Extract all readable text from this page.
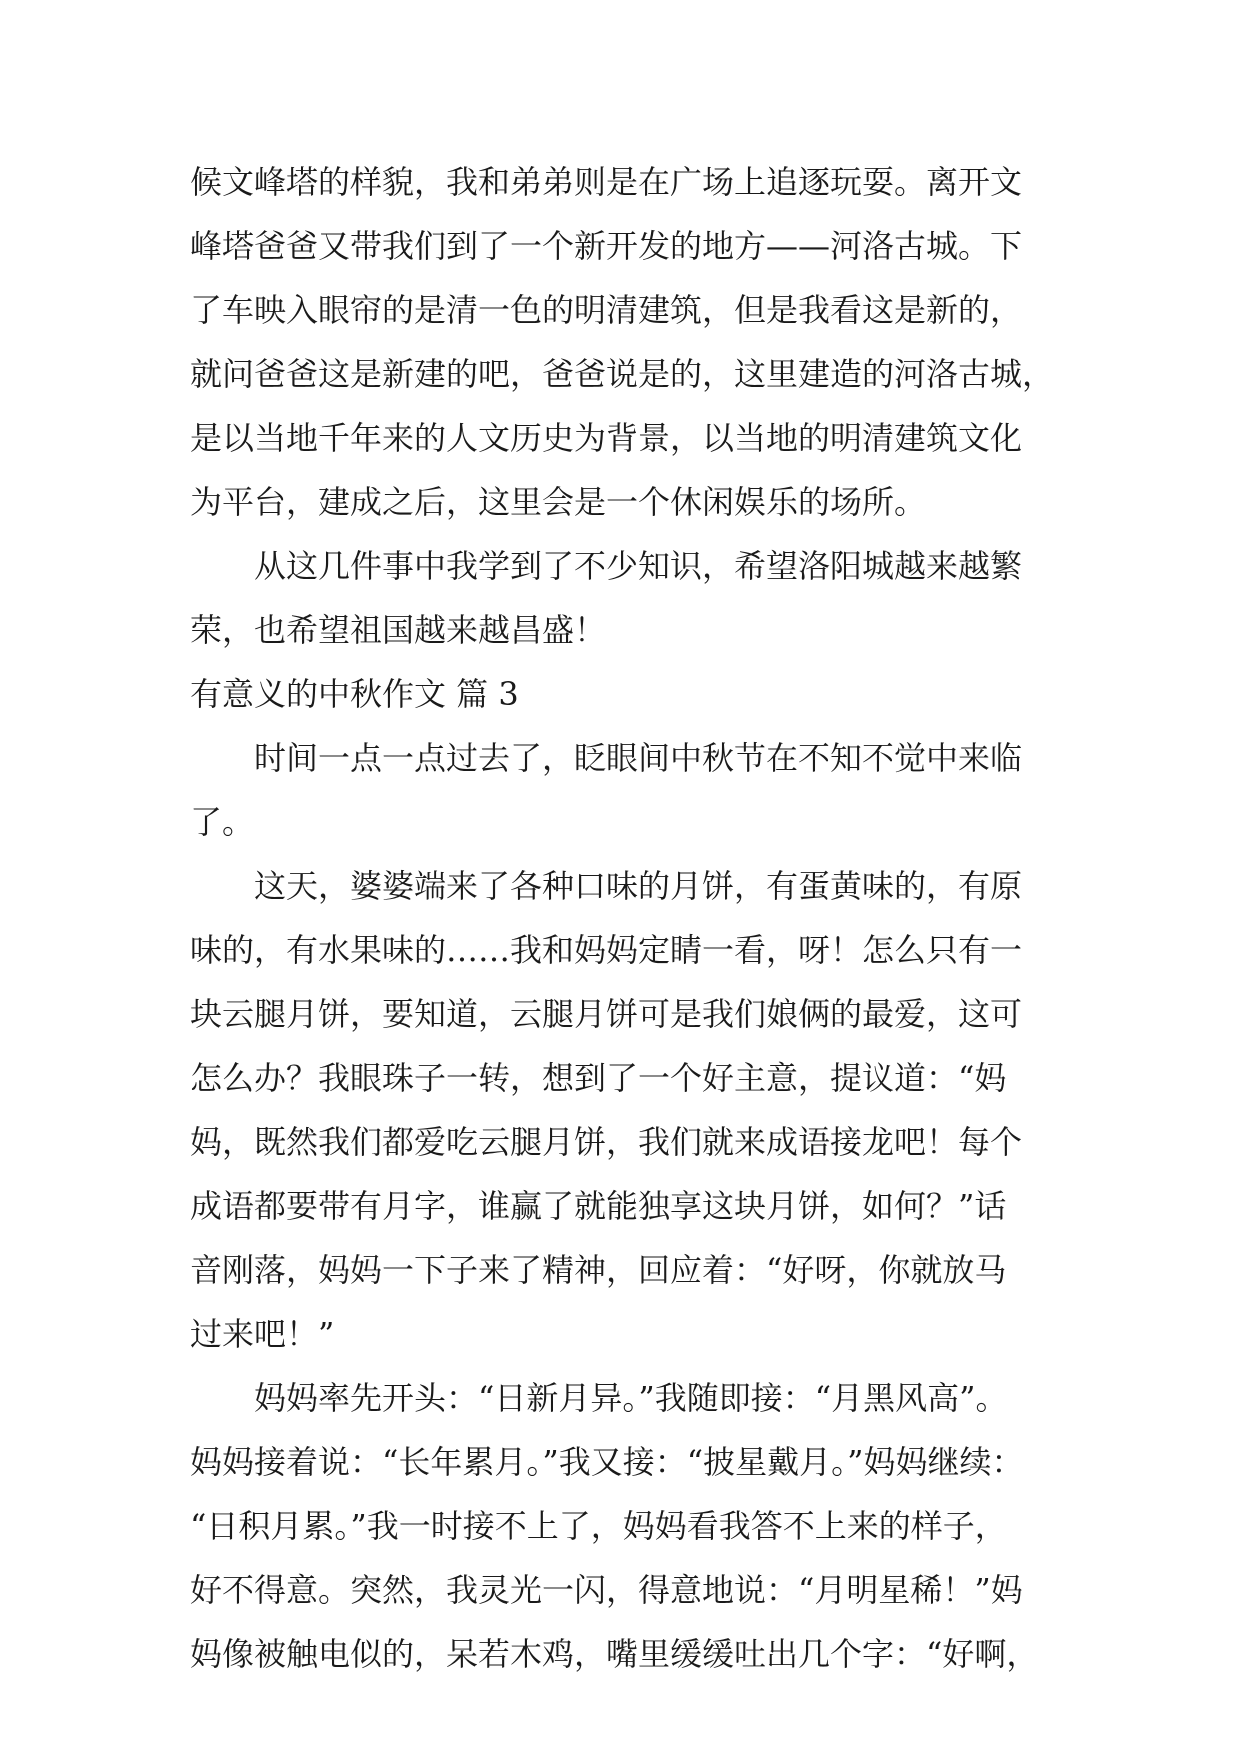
候文峰塔的样貌，我和弟弟则是在广场上追逐玩耍。离开文
峰塔爸爸又带我们到了一个新开发的地方——河洛古城。下
了车映入眼帘的是清一色的明清建筑，但是我看这是新的，
就问爸爸这是新建的吧，爸爸说是的，这里建造的河洛古城，
是以当地千年来的人文历史为背景，以当地的明清建筑文化
为平台，建成之后，这里会是一个休闲娱乐的场所。
从这几件事中我学到了不少知识，希望洛阳城越来越繁
荣，也希望祖国越来越昌盛！
有意义的中秋作文 篇 3
时间一点一点过去了，眨眼间中秋节在不知不觉中来临
了。
这天，婆婆端来了各种口味的月饼，有蛋黄味的，有原
味的，有水果味的……我和妈妈定睛一看，呀！怎么只有一
块云腿月饼，要知道，云腿月饼可是我们娘俩的最爱，这可
怎么办？我眼珠子一转，想到了一个好主意，提议道：“妈
妈，既然我们都爱吃云腿月饼，我们就来成语接龙吧！每个
成语都要带有月字，谁赢了就能独享这块月饼，如何？”话
音刚落，妈妈一下子来了精神，回应着：“好呀，你就放马
过来吧！”
妈妈率先开头：“日新月异。”我随即接：“月黑风高”。
妈妈接着说：“长年累月。”我又接：“披星戴月。”妈妈继续：
“日积月累。”我一时接不上了，妈妈看我答不上来的样子，
好不得意。突然，我灵光一闪，得意地说：“月明星稀！”妈
妈像被触电似的，呆若木鸡，嘴里缓缓吐出几个字：“好啊，
